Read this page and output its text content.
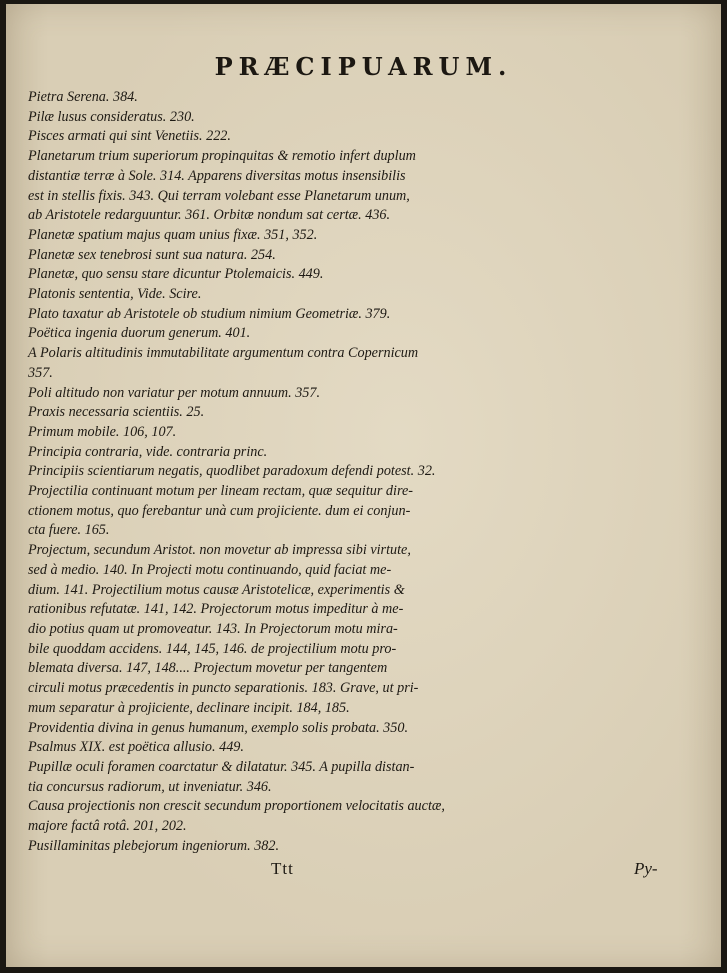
PRÆCIPUARUM.
Pietra Serena. 384.
Pilæ lusus consideratus. 230.
Pisces armati qui sint Venetiis. 222.
Planetarum trium superiorum propinquitas & remotio infert duplum
distantiæ terræ à Sole. 314. Apparens diversitas motus insensibilis
est in stellis fixis. 343. Qui terram volebant esse Planetarum unum,
ab Aristotele redarguuntur. 361. Orbitæ nondum sat certæ. 436.
Planetæ spatium majus quam unius fixæ. 351, 352.
Planetæ sex tenebrosi sunt sua natura. 254.
Planetæ, quo sensu stare dicuntur Ptolemaicis. 449.
Platonis sententia, Vide. Scire.
Plato taxatur ab Aristotele ob studium nimium Geometriæ. 379.
Poëtica ingenia duorum generum. 401.
A Polaris altitudinis immutabilitate argumentum contra Copernicum
357.
Poli altitudo non variatur per motum annuum. 357.
Praxis necessaria scientiis. 25.
Primum mobile. 106, 107.
Principia contraria, vide. contraria princ.
Principiis scientiarum negatis, quodlibet paradoxum defendi potest. 32.
Projectilia continuant motum per lineam rectam, quæ sequitur dire-
ctionem motus, quo ferebantur unà cum projiciente. dum ei conjun-
cta fuere. 165.
Projectum, secundum Aristot. non movetur ab impressa sibi virtute,
sed à medio. 140. In Projecti motu continuando, quid faciat me-
dium. 141. Projectilium motus causæ Aristotelicæ, experimentis &
rationibus refutatæ. 141, 142. Projectorum motus impeditur à me-
dio potius quam ut promoveatur. 143. In Projectorum motu mira-
bile quoddam accidens. 144, 145, 146. de projectilium motu pro-
blemata diversa. 147, 148.... Projectum movetur per tangentem
circuli motus præcedentis in puncto separationis. 183. Grave, ut pri-
mum separatur à projiciente, declinare incipit. 184, 185.
Providentia divina in genus humanum, exemplo solis probata. 350.
Psalmus XIX. est poëtica allusio. 449.
Pupillæ oculi foramen coarctatur & dilatatur. 345. A pupilla distan-
tia concursus radiorum, ut inveniatur. 346.
Causa projectionis non crescit secundum proportionem velocitatis auctæ,
majore factâ rotâ. 201, 202.
Pusillaminitas plebejorum ingeniorum. 382.
Ttt	Py-
